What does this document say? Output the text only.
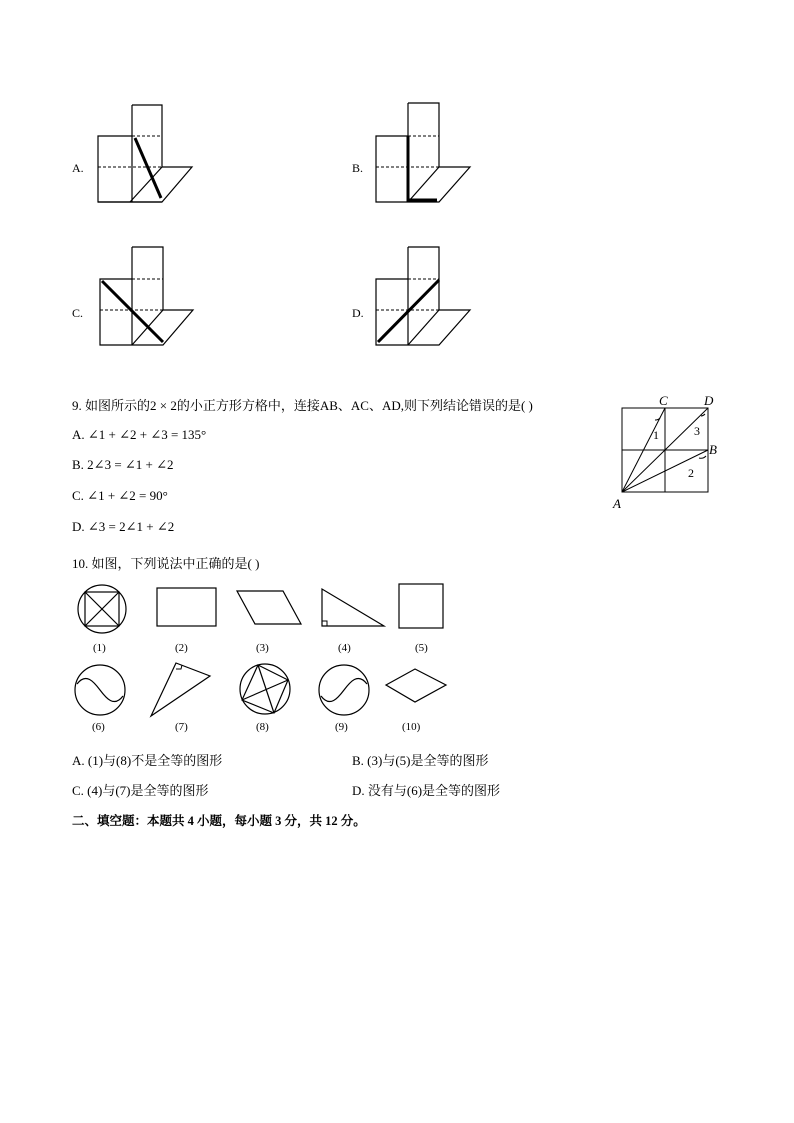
A.	B.
C.	D.
9. 如图所示的2 × 2的小正方形方格中，连接AB、AC、AD,则下列结论错误的是( )
A. ∠1 + ∠2 + ∠3 = 135°
B. 2∠3 = ∠1 + ∠2
C. ∠1 + ∠2 = 90°
D. ∠3 = 2∠1 + ∠2
C	D
B
A
1	3
2
10. 如图，下列说法中正确的是( )
(1)	(2)	(3)	(4)	(5)
(6)	(7)	(8)	(9)	(10)
A. (1)与(8)不是全等的图形	B. (3)与(5)是全等的图形
C. (4)与(7)是全等的图形	D. 没有与(6)是全等的图形
二、填空题：本题共 4 小题，每小题 3 分，共 12 分。
